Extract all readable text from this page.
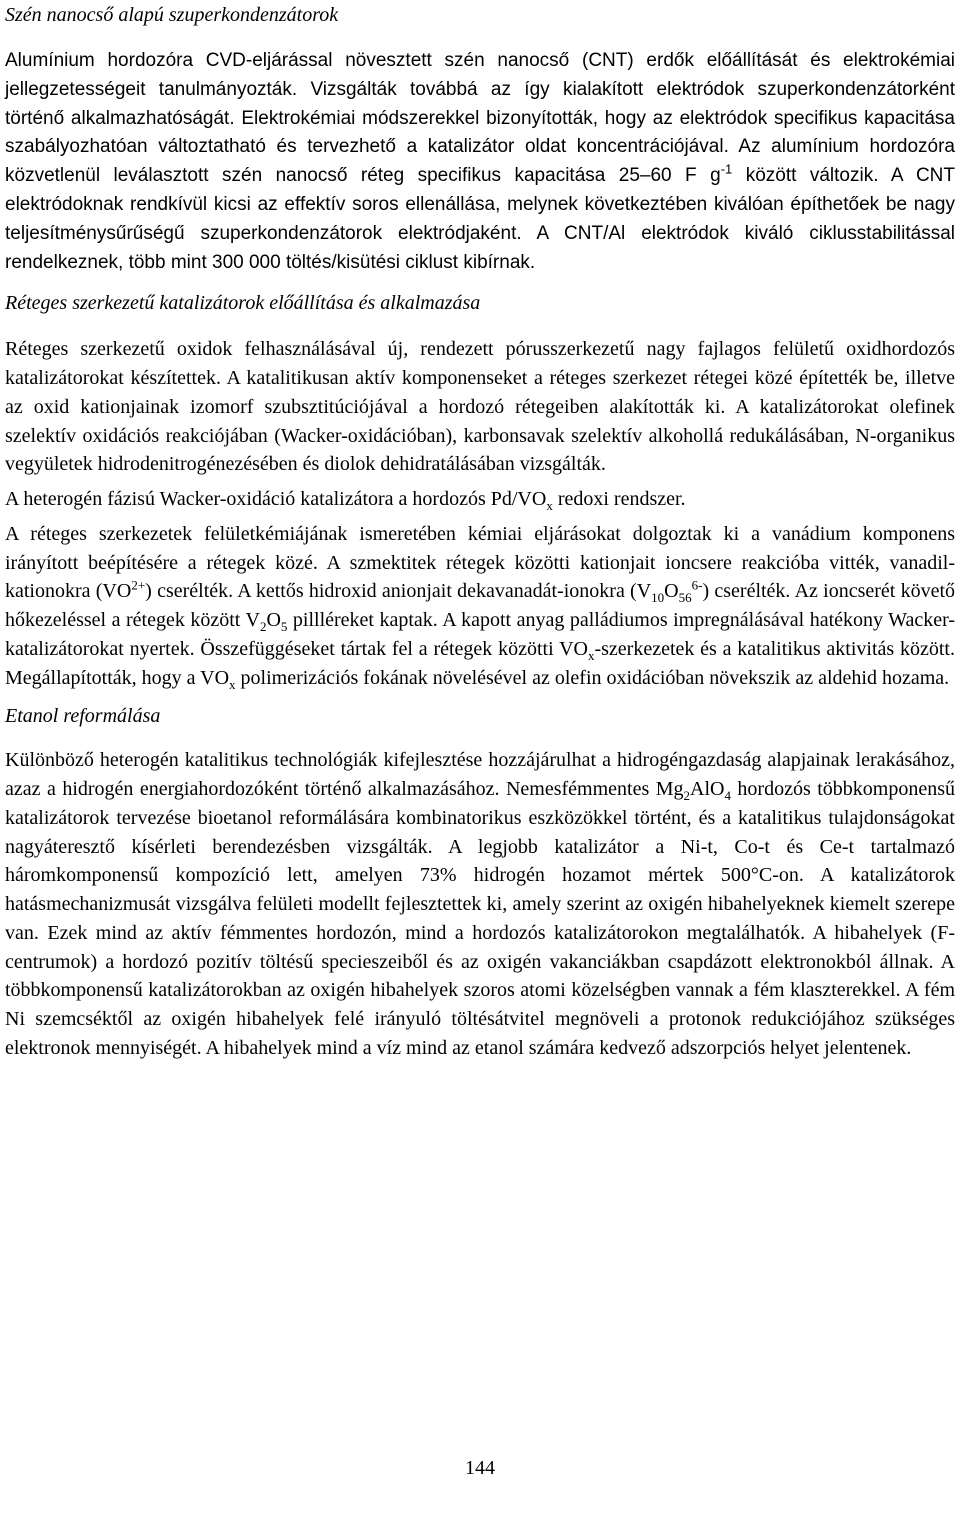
Szén nanocső alapú szuperkondenzátorok

Alumínium hordozóra CVD-eljárással növesztett szén nanocső (CNT) erdők előállítását és elektrokémiai jellegzetességeit tanulmányozták. Vizsgálták továbbá az így kialakított elektródok szuperkondenzátorként történő alkalmazhatóságát. Elektrokémiai módszerekkel bizonyították, hogy az elektródok specifikus kapacitása szabályozhatóan változtatható és tervezhető a katalizátor oldat koncentrációjával. Az alumínium hordozóra közvetlenül leválasztott szén nanocső réteg specifikus kapacitása 25–60 F $g^{-1}$ között változik. A CNT elektródoknak rendkívül kicsi az effektív soros ellenállása, melynek következtében kiválóan építhetőek be nagy teljesítménysűrűségű szuperkondenzátorok elektródjaként. A CNT/Al elektródok kiváló ciklusstabilitással rendelkeznek, több mint 300 000 töltés/kisütési ciklust kibírnak.

Réteges szerkezetű katalizátorok előállítása és alkalmazása

Réteges szerkezetű oxidok felhasználásával új, rendezett pórusszerkezetű nagy fajlagos felületű oxidhordozós katalizátorokat készítettek. A katalitikusan aktív komponenseket a réteges szerkezet rétegei közé építették be, illetve az oxid kationjainak izomorf szubsztitúciójával a hordozó rétegeiben alakították ki. A katalizátorokat olefinek szelektív oxidációs reakciójában (Wacker-oxidációban), karbonsavak szelektív alkohollá redukálásában, N-organikus vegyületek hidrodenitrogénezésében és diolok dehidratálásában vizsgálták.

A heterogén fázisú Wacker-oxidáció katalizátora a hordozós $Pd/VO_x$ redoxi rendszer.

A réteges szerkezetek felületkémiájának ismeretében kémiai eljárásokat dolgoztak ki a vanádium komponens irányított beépítésére a rétegek közé. A szmektitek rétegek közötti kationjait ioncsere reakcióba vitték, vanadil-kationokra $(VO^{2+})$ cserélték. A kettős hidroxid anionjait dekavanadát-ionokra $(V_{10}O_{56}^{6-})$ cserélték. Az ioncserét követő hőkezeléssel a rétegek között $V_2O_5$ pillléreket kaptak. A kapott anyag palládiumos impregnálásával hatékony Wacker-katalizátorokat nyertek. Összefüggéseket tártak fel a rétegek közötti $VO_x$-szerkezetek és a katalitikus aktivitás között. Megállapították, hogy a $VO_x$ polimerizációs fokának növelésével az olefin oxidációban növekszik az aldehid hozama.

Etanol reformálása

Különböző heterogén katalitikus technológiák kifejlesztése hozzájárulhat a hidrogéngazdaság alapjainak lerakásához, azaz a hidrogén energiahordozóként történő alkalmazásához. Nemesfémmentes $Mg_2AlO_4$ hordozós többkomponensű katalizátorok tervezése bioetanol reformálására kombinatorikus eszközökkel történt, és a katalitikus tulajdonságokat nagyáteresztő kísérleti berendezésben vizsgálták. A legjobb katalizátor a Ni-t, Co-t és Ce-t tartalmazó háromkomponensű kompozíció lett, amelyen 73% hidrogén hozamot mértek 500°C-on. A katalizátorok hatásmechanizmusát vizsgálva felületi modellt fejlesztettek ki, amely szerint az oxigén hibahelyeknek kiemelt szerepe van. Ezek mind az aktív fémmentes hordozón, mind a hordozós katalizátorokon megtalálhatók. A hibahelyek (F-centrumok) a hordozó pozitív töltésű specieszeiből és az oxigén vakanciákban csapdázott elektronokból állnak. A többkomponensű katalizátorokban az oxigén hibahelyek szoros atomi közelségben vannak a fém klaszterekkel. A fém Ni szemcséktől az oxigén hibahelyek felé irányuló töltésátvitel megnöveli a protonok redukciójához szükséges elektronok mennyiségét. A hibahelyek mind a víz mind az etanol számára kedvező adszorpciós helyet jelentenek.

144
